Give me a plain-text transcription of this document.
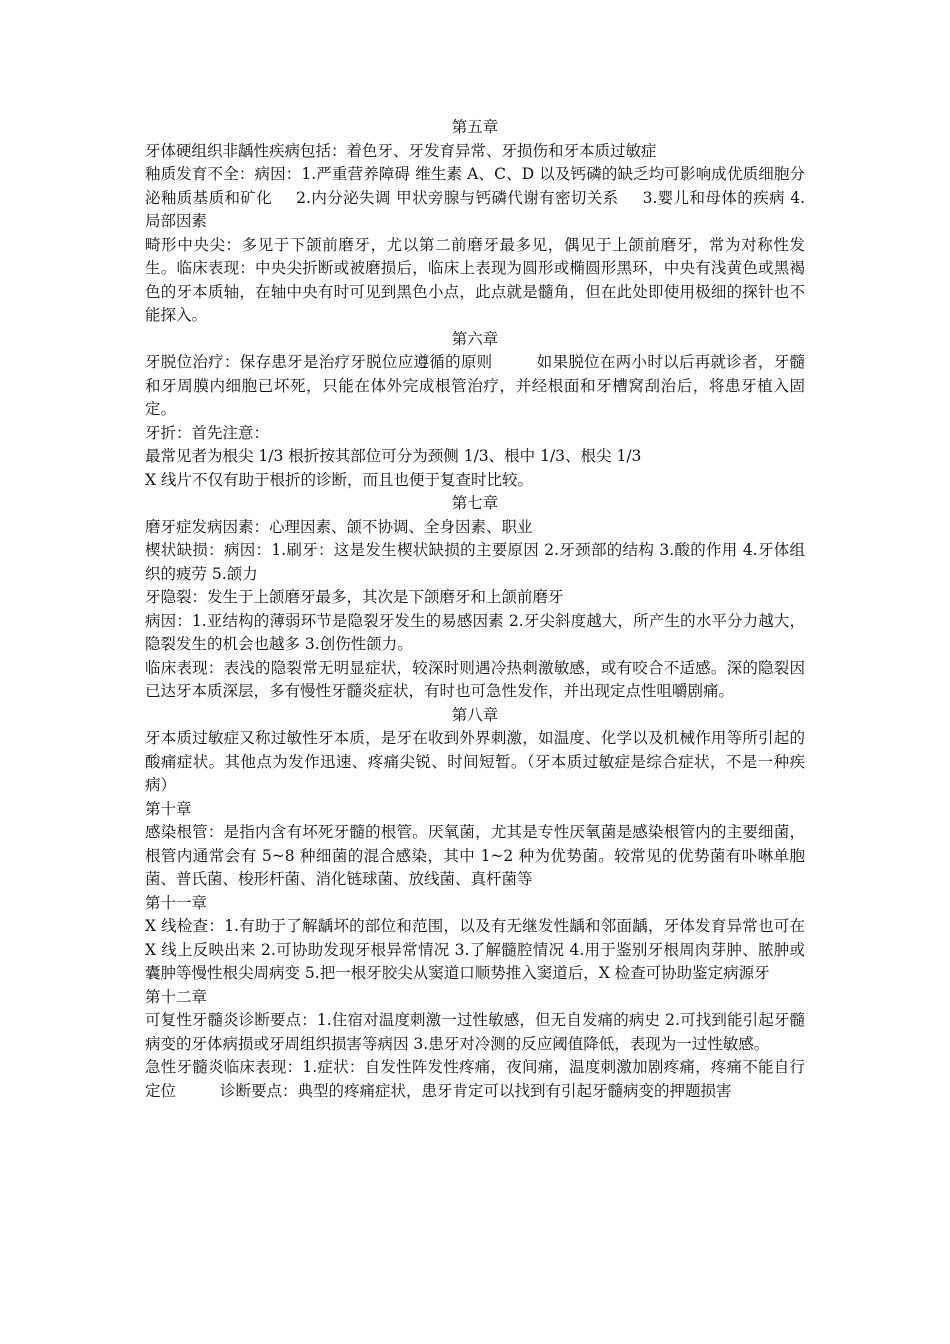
第五章

牙体硬组织非龋性疾病包括：着色牙、牙发育异常、牙损伤和牙本质过敏症

釉质发育不全：病因：1.严重营养障碍 维生素 A、C、D 以及钙磷的缺乏均可影响成优质细胞分泌釉质基质和矿化 2.内分泌失调 甲状旁腺与钙磷代谢有密切关系 3.婴儿和母体的疾病 4.局部因素

畸形中央尖：多见于下颌前磨牙，尤以第二前磨牙最多见，偶见于上颌前磨牙，常为对称性发生。临床表现：中央尖折断或被磨损后，临床上表现为圆形或椭圆形黑环，中央有浅黄色或黑褐色的牙本质轴，在轴中央有时可见到黑色小点，此点就是髓角，但在此处即使用极细的探针也不能探入。

第六章

牙脱位治疗：保存患牙是治疗牙脱位应遵循的原则	如果脱位在两小时以后再就诊者，牙髓和牙周膜内细胞已坏死，只能在体外完成根管治疗，并经根面和牙槽窝刮治后，将患牙植入固定。

牙折：首先注意：

最常见者为根尖 1/3 根折按其部位可分为颈侧 1/3、根中 1/3、根尖 1/3

X 线片不仅有助于根折的诊断，而且也便于复查时比较。

第七章

磨牙症发病因素：心理因素、颌不协调、全身因素、职业

楔状缺损：病因：1.刷牙：这是发生楔状缺损的主要原因 2.牙颈部的结构 3.酸的作用 4.牙体组织的疲劳 5.颌力

牙隐裂：发生于上颌磨牙最多，其次是下颌磨牙和上颌前磨牙

病因：1.亚结构的薄弱环节是隐裂牙发生的易感因素 2.牙尖斜度越大，所产生的水平分力越大，隐裂发生的机会也越多 3.创伤性颌力。

临床表现：表浅的隐裂常无明显症状，较深时则遇冷热刺激敏感，或有咬合不适感。深的隐裂因已达牙本质深层，多有慢性牙髓炎症状，有时也可急性发作，并出现定点性咀嚼剧痛。

第八章

牙本质过敏症又称过敏性牙本质，是牙在收到外界刺激，如温度、化学以及机械作用等所引起的酸痛症状。其他点为发作迅速、疼痛尖锐、时间短暂。（牙本质过敏症是综合症状，不是一种疾病）

第十章

感染根管：是指内含有坏死牙髓的根管。厌氧菌，尤其是专性厌氧菌是感染根管内的主要细菌，根管内通常会有 5~8 种细菌的混合感染，其中 1~2 种为优势菌。较常见的优势菌有卟啉单胞菌、普氏菌、梭形杆菌、消化链球菌、放线菌、真杆菌等

第十一章

X 线检查：1.有助于了解龋坏的部位和范围，以及有无继发性龋和邻面龋，牙体发育异常也可在 X 线上反映出来 2.可协助发现牙根异常情况 3.了解髓腔情况 4.用于鉴别牙根周肉芽肿、脓肿或囊肿等慢性根尖周病变 5.把一根牙胶尖从窦道口顺势推入窦道后，X 检查可协助鉴定病源牙

第十二章

可复性牙髓炎诊断要点：1.住宿对温度刺激一过性敏感，但无自发痛的病史 2.可找到能引起牙髓病变的牙体病损或牙周组织损害等病因 3.患牙对冷测的反应阈值降低，表现为一过性敏感。

急性牙髓炎临床表现：1.症状：自发性阵发性疼痛，夜间痛，温度刺激加剧疼痛，疼痛不能自行定位	诊断要点：典型的疼痛症状，患牙肯定可以找到有引起牙髓病变的押题损害
